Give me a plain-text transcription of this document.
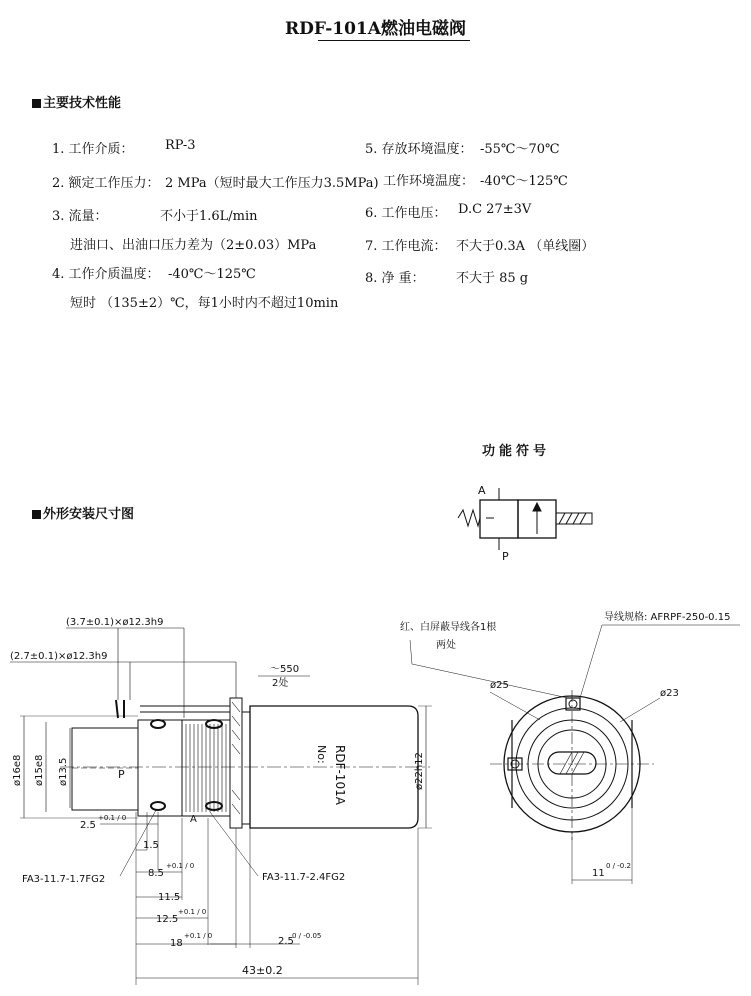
RDF-101A燃油电磁阀
主要技术性能
1. 工作介质： RP-3
2. 额定工作压力： 2 MPa（短时最大工作压力3.5MPa)
3. 流量：	不小于1.6L/min
进油口、出油口压力差为（2±0.03）MPa
4. 工作介质温度： -40℃～125℃
短时 （135±2）℃，每1小时内不超过10min
5. 存放环境温度： -55℃～70℃
工作环境温度： -40℃～125℃
6. 工作电压： D.C 27±3V
7. 工作电流： 不大于0.3A （单线圈）
8. 净 重： 不大于 85 g
功能符号
外形安装尺寸图
A
P
(3.7±0.1)×ø12.3h9
(2.7±0.1)×ø12.3h9
～550
2处
ø16e8 ø15e8 ø13.5	ø22h12
P
A
RDF-101A
No:
2.5
+0.1 / 0
1.5
8.5
+0.1 / 0
11.5
12.5
+0.1 / 0
18
+0.1 / 0	2.5
0 / -0.05
43±0.2
FA3-11.7-1.7FG2	FA3-11.7-2.4FG2
红、白屏蔽导线各1根
两处
导线规格: AFRPF-250-0.15
ø25
ø23
11
0 / -0.2
